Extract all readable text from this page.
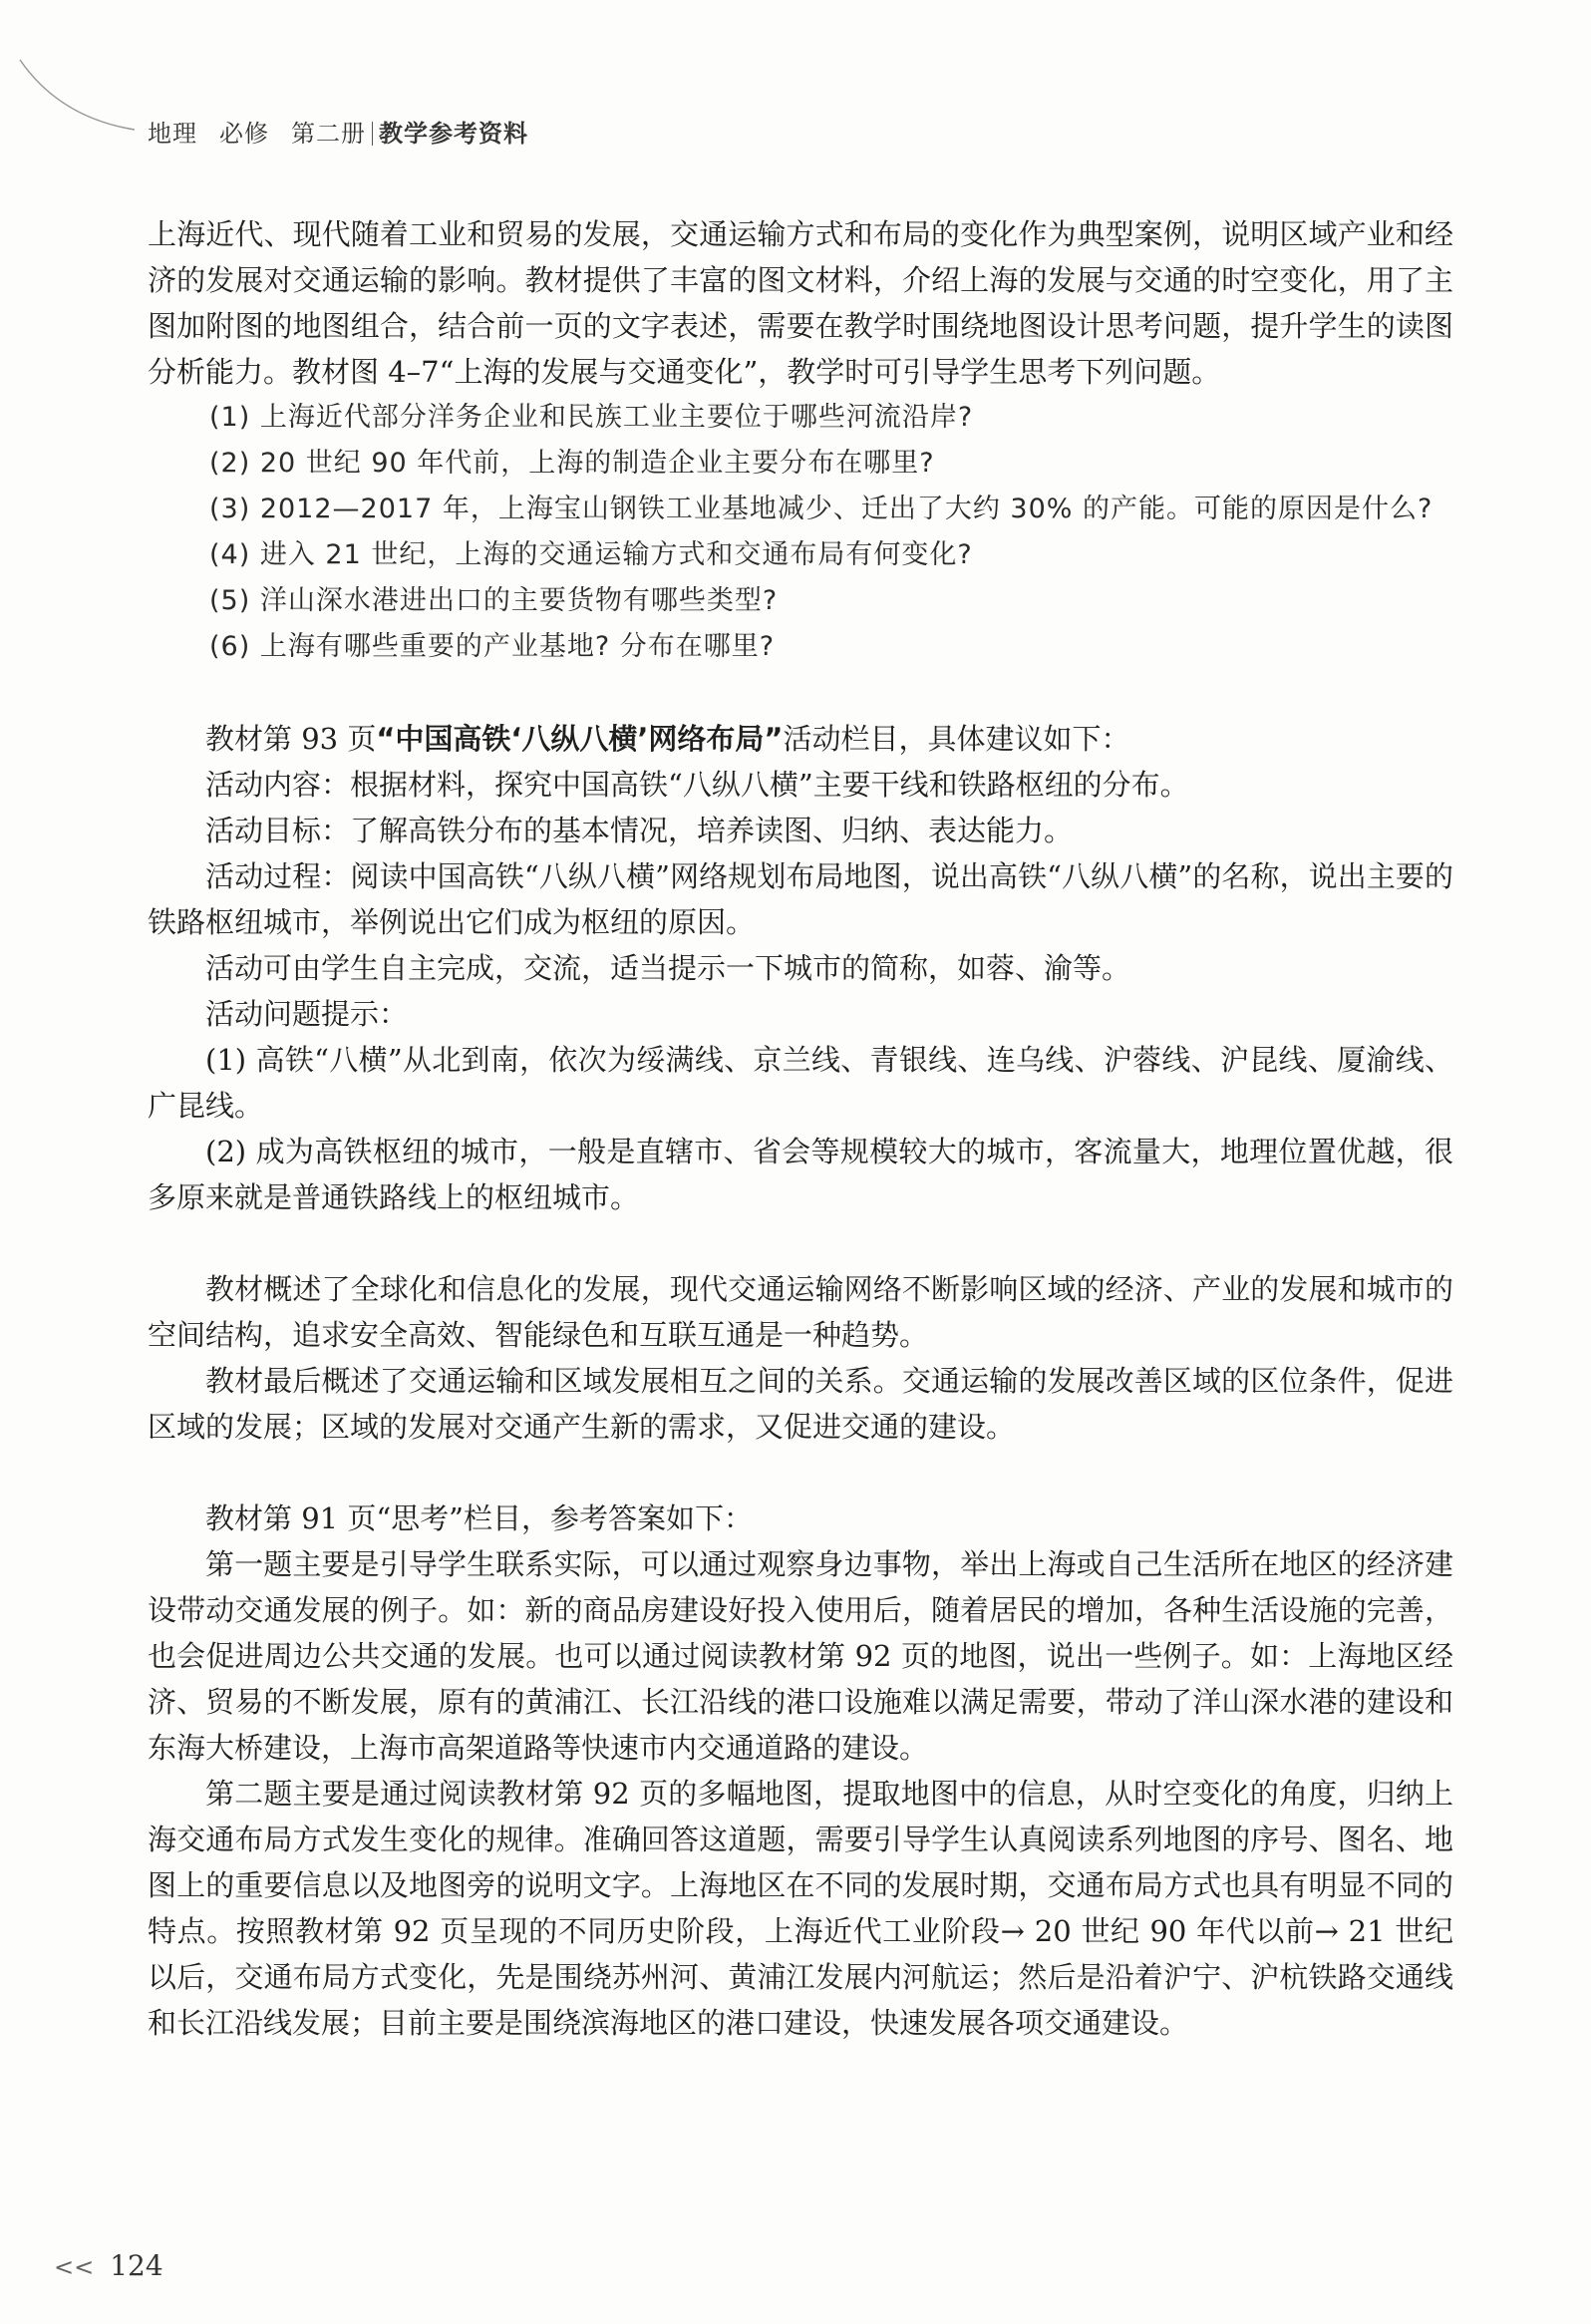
地理 必修 第二册 教学参考资料

上海近代、现代随着工业和贸易的发展，交通运输方式和布局的变化作为典型案例，说明区域产业和经济的发展对交通运输的影响。教材提供了丰富的图文材料，介绍上海的发展与交通的时空变化，用了主图加附图的地图组合，结合前一页的文字表述，需要在教学时围绕地图设计思考问题，提升学生的读图分析能力。教材图 4–7“上海的发展与交通变化”，教学时可引导学生思考下列问题。

(1) 上海近代部分洋务企业和民族工业主要位于哪些河流沿岸?

(2) 20 世纪 90 年代前，上海的制造企业主要分布在哪里?

(3) 2012—2017 年，上海宝山钢铁工业基地减少、迁出了大约 30% 的产能。可能的原因是什么?

(4) 进入 21 世纪，上海的交通运输方式和交通布局有何变化?

(5) 洋山深水港进出口的主要货物有哪些类型?

(6) 上海有哪些重要的产业基地? 分布在哪里?

教材第 93 页“中国高铁‘八纵八横’网络布局”活动栏目，具体建议如下：

活动内容：根据材料，探究中国高铁“八纵八横”主要干线和铁路枢纽的分布。

活动目标：了解高铁分布的基本情况，培养读图、归纳、表达能力。

活动过程：阅读中国高铁“八纵八横”网络规划布局地图，说出高铁“八纵八横”的名称，说出主要的铁路枢纽城市，举例说出它们成为枢纽的原因。

活动可由学生自主完成，交流，适当提示一下城市的简称，如蓉、渝等。

活动问题提示：

(1) 高铁“八横”从北到南，依次为绥满线、京兰线、青银线、连乌线、沪蓉线、沪昆线、厦渝线、广昆线。

(2) 成为高铁枢纽的城市，一般是直辖市、省会等规模较大的城市，客流量大，地理位置优越，很多原来就是普通铁路线上的枢纽城市。

教材概述了全球化和信息化的发展，现代交通运输网络不断影响区域的经济、产业的发展和城市的空间结构，追求安全高效、智能绿色和互联互通是一种趋势。

教材最后概述了交通运输和区域发展相互之间的关系。交通运输的发展改善区域的区位条件，促进区域的发展；区域的发展对交通产生新的需求，又促进交通的建设。

教材第 91 页“思考”栏目，参考答案如下：

第一题主要是引导学生联系实际，可以通过观察身边事物，举出上海或自己生活所在地区的经济建设带动交通发展的例子。如：新的商品房建设好投入使用后，随着居民的增加，各种生活设施的完善，也会促进周边公共交通的发展。也可以通过阅读教材第 92 页的地图，说出一些例子。如：上海地区经济、贸易的不断发展，原有的黄浦江、长江沿线的港口设施难以满足需要，带动了洋山深水港的建设和东海大桥建设，上海市高架道路等快速市内交通道路的建设。

第二题主要是通过阅读教材第 92 页的多幅地图，提取地图中的信息，从时空变化的角度，归纳上海交通布局方式发生变化的规律。准确回答这道题，需要引导学生认真阅读系列地图的序号、图名、地图上的重要信息以及地图旁的说明文字。上海地区在不同的发展时期，交通布局方式也具有明显不同的特点。按照教材第 92 页呈现的不同历史阶段，上海近代工业阶段→ 20 世纪 90 年代以前→ 21 世纪以后，交通布局方式变化，先是围绕苏州河、黄浦江发展内河航运；然后是沿着沪宁、沪杭铁路交通线和长江沿线发展；目前主要是围绕滨海地区的港口建设，快速发展各项交通建设。

<< 124
